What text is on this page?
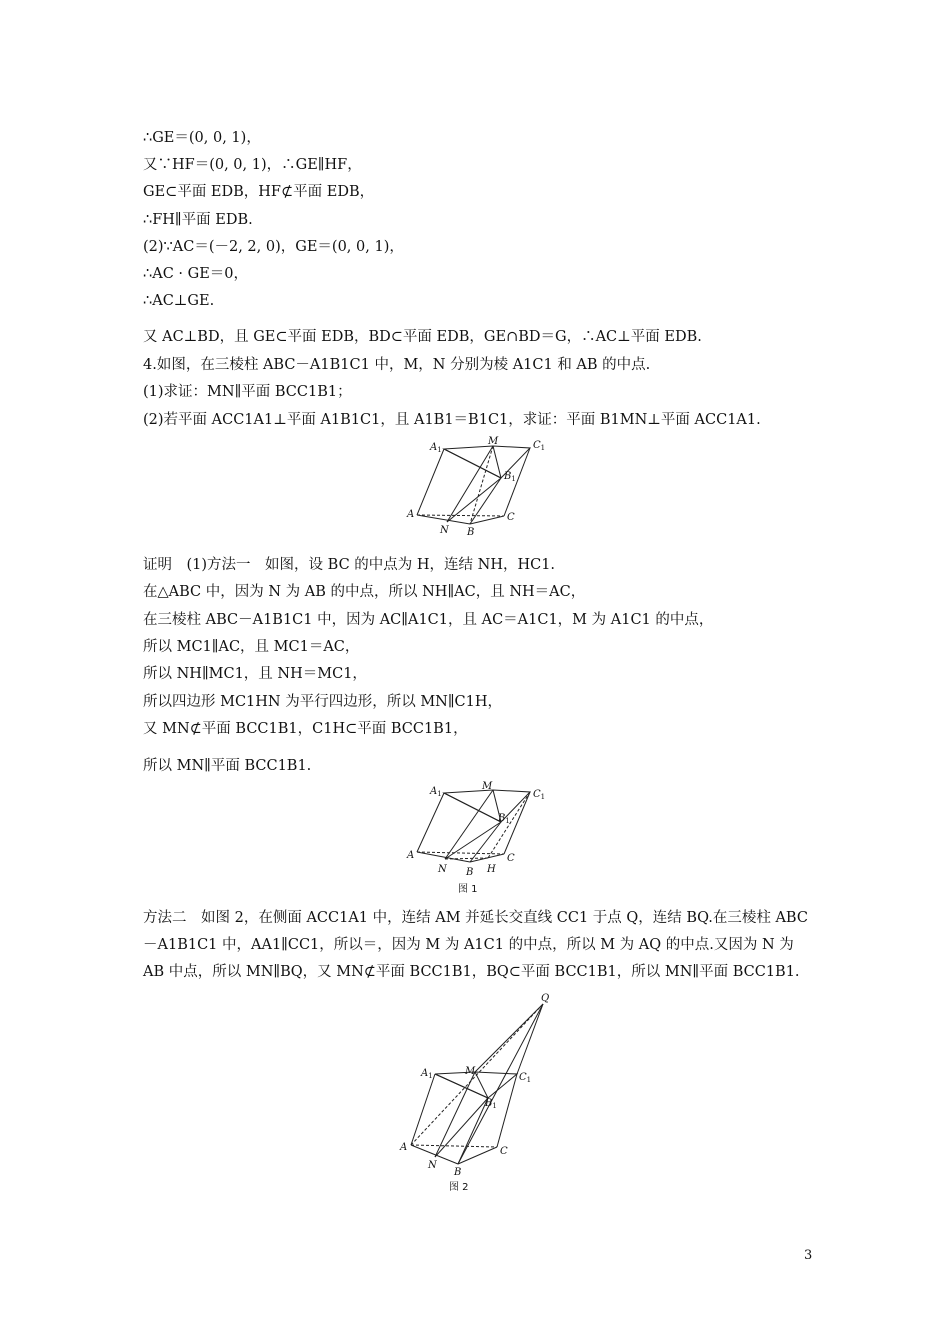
∴GE＝(0, 0, 1)，
又∵HF＝(0, 0, 1)，∴GE∥HF，
GE⊂平面 EDB，HF⊄平面 EDB，
∴FH∥平面 EDB.
(2)∵AC＝(－2, 2, 0)，GE＝(0, 0, 1)，
∴AC · GE＝0，
∴AC⊥GE.
又 AC⊥BD，且 GE⊂平面 EDB，BD⊂平面 EDB，GE∩BD＝G，∴AC⊥平面 EDB.
4.如图，在三棱柱 ABC－A1B1C1 中，M，N 分别为棱 A1C1 和 AB 的中点.
(1)求证：MN∥平面 BCC1B1；
(2)若平面 ACC1A1⊥平面 A1B1C1，且 A1B1＝B1C1，求证：平面 B1MN⊥平面 ACC1A1.
$A_1$
M	$C_1$
$B_1$
A	C
N B
证明　(1)方法一　如图，设 BC 的中点为 H，连结 NH，HC1.
在△ABC 中，因为 N 为 AB 的中点，所以 NH∥AC，且 NH＝AC，
在三棱柱 ABC－A1B1C1 中，因为 AC∥A1C1，且 AC＝A1C1，M 为 A1C1 的中点，
所以 MC1∥AC，且 MC1＝AC，
所以 NH∥MC1，且 NH＝MC1，
所以四边形 MC1HN 为平行四边形，所以 MN∥C1H，
又 MN⊄平面 BCC1B1，C1H⊂平面 BCC1B1，
所以 MN∥平面 BCC1B1.
$A_1$
M
$C_1$
$B_1$
A	C
N B H
图 1
方法二　如图 2，在侧面 ACC1A1 中，连结 AM 并延长交直线 CC1 于点 Q，连结 BQ.在三棱柱 ABC－A1B1C1 中，AA1∥CC1，所以＝，因为 M 为 A1C1 的中点，所以 M 为 AQ 的中点.又因为 N 为 AB 中点，所以 MN∥BQ，又 MN⊄平面 BCC1B1，BQ⊂平面 BCC1B1，所以 MN∥平面 BCC1B1.
Q
$A_1$	M
$C_1$
$B_1$
A	C
N
B
图 2
3
